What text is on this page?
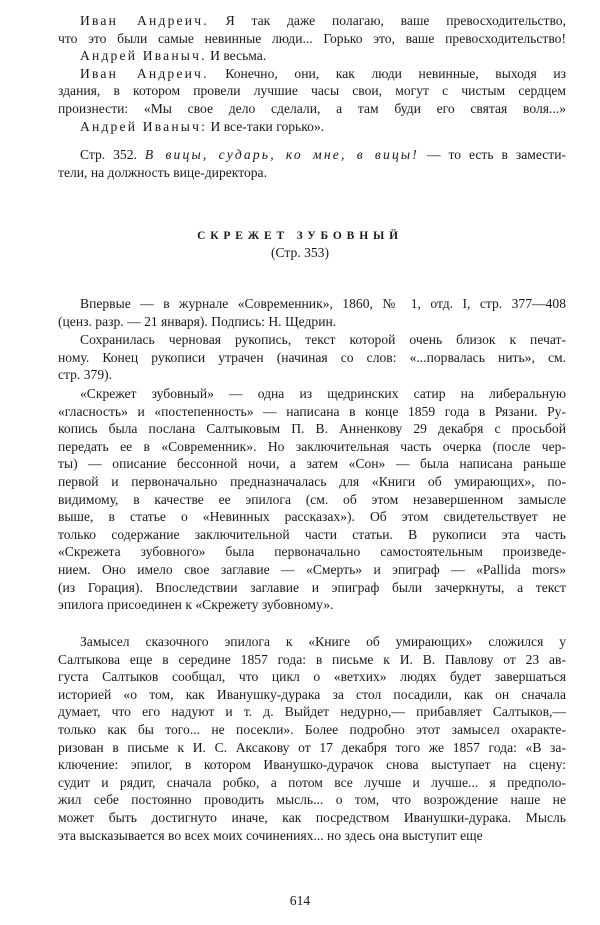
Иван Андреич. Я так даже полагаю, ваше превосходительство,
что это были самые невинные люди... Горько это, ваше превосходительство!
Андрей Иваныч. И весьма.
Иван Андреич. Конечно, они, как люди невинные, выходя из
здания, в котором провели лучшие часы свои, могут с чистым сердцем
произнести: «Мы свое дело сделали, а там буди его святая воля...»
Андрей Иваныч: И все-таки горько».
Стр. 352. В вицы, сударь, ко мне, в вицы! — то есть в замести-
тели, на должность вице-директора.
СКРЕЖЕТ ЗУБОВНЫЙ
(Стр. 353)
Впервые — в журнале «Современник», 1860, № 1, отд. I, стр. 377—408
(ценз. разр. — 21 января). Подпись: Н. Щедрин.
Сохранилась черновая рукопись, текст которой очень близок к печат-
ному. Конец рукописи утрачен (начиная со слов: «...порвалась нить», см.
стр. 379).
«Скрежет зубовный» — одна из щедринских сатир на либеральную
«гласность» и «постепенность» — написана в конце 1859 года в Рязани. Ру-
копись была послана Салтыковым П. В. Анненкову 29 декабря с просьбой
передать ее в «Современник». Но заключительная часть очерка (после чер-
ты) — описание бессонной ночи, а затем «Сон» — была написана раньше
первой и первоначально предназначалась для «Книги об умирающих», по-
видимому, в качестве ее эпилога (см. об этом незавершенном замысле
выше, в статье о «Невинных рассказах»). Об этом свидетельствует не
только содержание заключительной части статьи. В рукописи эта часть
«Скрежета зубовного» была первоначально самостоятельным произведе-
нием. Оно имело свое заглавие — «Смерть» и эпиграф — «Pallida mors»
(из Горация). Впоследствии заглавие и эпиграф были зачеркнуты, а текст
эпилога присоединен к «Скрежету зубовному».
Замысел сказочного эпилога к «Книге об умирающих» сложился у
Салтыкова еще в середине 1857 года: в письме к И. В. Павлову от 23 ав-
густа Салтыков сообщал, что цикл о «ветхих» людях будет завершаться
историей «о том, как Иванушку-дурака за стол посадили, как он сначала
думает, что его надуют и т. д. Выйдет недурно,— прибавляет Салтыков,—
только как бы того... не посекли». Более подробно этот замысел охаракте-
ризован в письме к И. С. Аксакову от 17 декабря того же 1857 года: «В за-
ключение: эпилог, в котором Иванушко-дурачок снова выступает на сцену:
судит и рядит, сначала робко, а потом все лучше и лучше... я предполо-
жил себе постоянно проводить мысль... о том, что возрождение наше не
может быть достигнуто иначе, как посредством Иванушки-дурака. Мысль
эта высказывается во всех моих сочинениях... но здесь она выступит еще
614
